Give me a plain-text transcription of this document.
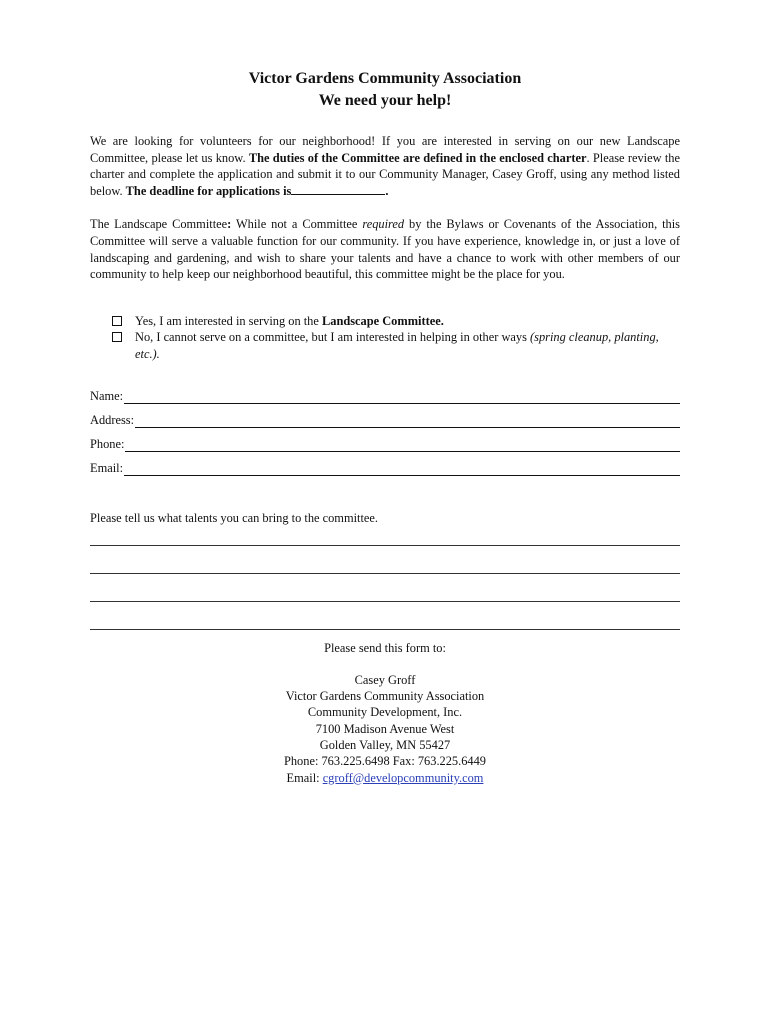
Victor Gardens Community Association
We need your help!

We are looking for volunteers for our neighborhood! If you are interested in serving on our new Landscape Committee, please let us know. The duties of the Committee are defined in the enclosed charter. Please review the charter and complete the application and submit it to our Community Manager, Casey Groff, using any method listed below. The deadline for applications is	.

The Landscape Committee: While not a Committee required by the Bylaws or Covenants of the Association, this Committee will serve a valuable function for our community. If you have experience, knowledge in, or just a love of landscaping and gardening, and wish to share your talents and have a chance to work with other members of our community to help keep our neighborhood beautiful, this committee might be the place for you.

Yes, I am interested in serving on the Landscape Committee.
No, I cannot serve on a committee, but I am interested in helping in other ways (spring cleanup, planting, etc.).
Name:
Address:
Phone:
Email:
Please tell us what talents you can bring to the committee.
Please send this form to:
Casey Groff
Victor Gardens Community Association
Community Development, Inc.
7100 Madison Avenue West
Golden Valley, MN 55427
Phone: 763.225.6498 Fax: 763.225.6449
Email: cgroff@developcommunity.com
